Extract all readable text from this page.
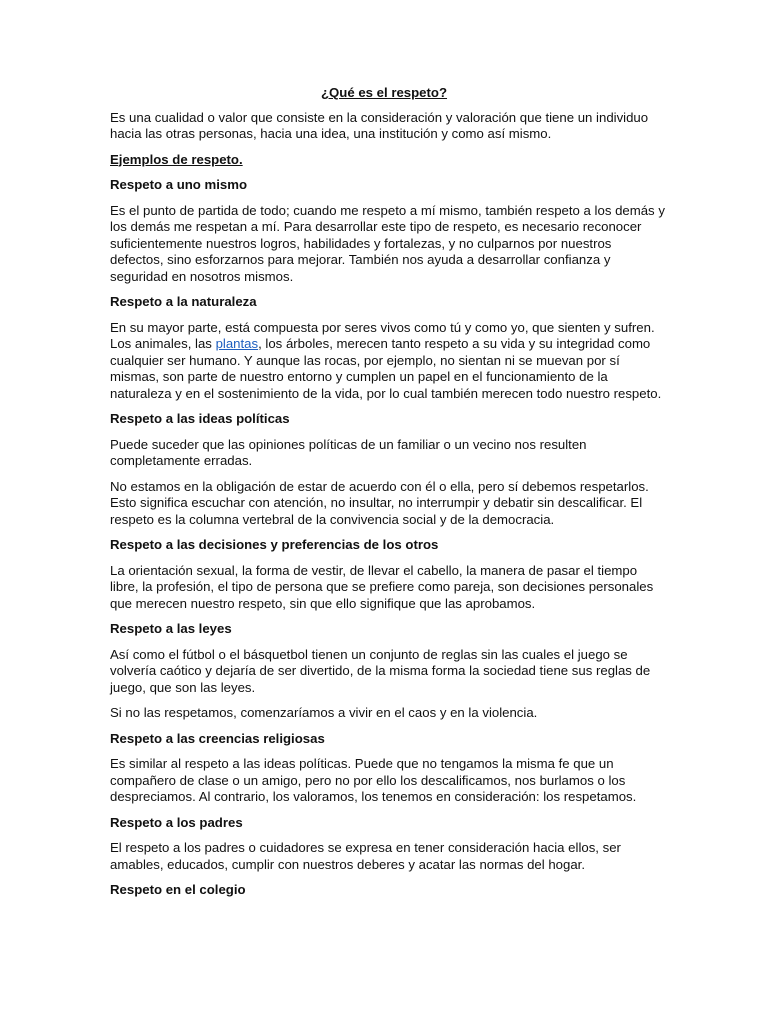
¿Qué es el respeto?

Es una cualidad o valor que consiste en la consideración y valoración que tiene un individuo hacia las otras personas, hacia una idea, una institución y como así mismo.

Ejemplos de respeto.

Respeto a uno mismo

Es el punto de partida de todo; cuando me respeto a mí mismo, también respeto a los demás y los demás me respetan a mí. Para desarrollar este tipo de respeto, es necesario reconocer suficientemente nuestros logros, habilidades y fortalezas, y no culparnos por nuestros defectos, sino esforzarnos para mejorar. También nos ayuda a desarrollar confianza y seguridad en nosotros mismos.

Respeto a la naturaleza

En su mayor parte, está compuesta por seres vivos como tú y como yo, que sienten y sufren. Los animales, las plantas, los árboles, merecen tanto respeto a su vida y su integridad como cualquier ser humano. Y aunque las rocas, por ejemplo, no sientan ni se muevan por sí mismas, son parte de nuestro entorno y cumplen un papel en el funcionamiento de la naturaleza y en el sostenimiento de la vida, por lo cual también merecen todo nuestro respeto.

Respeto a las ideas políticas

Puede suceder que las opiniones políticas de un familiar o un vecino nos resulten completamente erradas.

No estamos en la obligación de estar de acuerdo con él o ella, pero sí debemos respetarlos. Esto significa escuchar con atención, no insultar, no interrumpir y debatir sin descalificar. El respeto es la columna vertebral de la convivencia social y de la democracia.

Respeto a las decisiones y preferencias de los otros

La orientación sexual, la forma de vestir, de llevar el cabello, la manera de pasar el tiempo libre, la profesión, el tipo de persona que se prefiere como pareja, son decisiones personales que merecen nuestro respeto, sin que ello signifique que las aprobamos.

Respeto a las leyes

Así como el fútbol o el básquetbol tienen un conjunto de reglas sin las cuales el juego se volvería caótico y dejaría de ser divertido, de la misma forma la sociedad tiene sus reglas de juego, que son las leyes.

Si no las respetamos, comenzaríamos a vivir en el caos y en la violencia.

Respeto a las creencias religiosas

Es similar al respeto a las ideas políticas. Puede que no tengamos la misma fe que un compañero de clase o un amigo, pero no por ello los descalificamos, nos burlamos o los despreciamos. Al contrario, los valoramos, los tenemos en consideración: los respetamos.

Respeto a los padres

El respeto a los padres o cuidadores se expresa en tener consideración hacia ellos, ser amables, educados, cumplir con nuestros deberes y acatar las normas del hogar.

Respeto en el colegio
